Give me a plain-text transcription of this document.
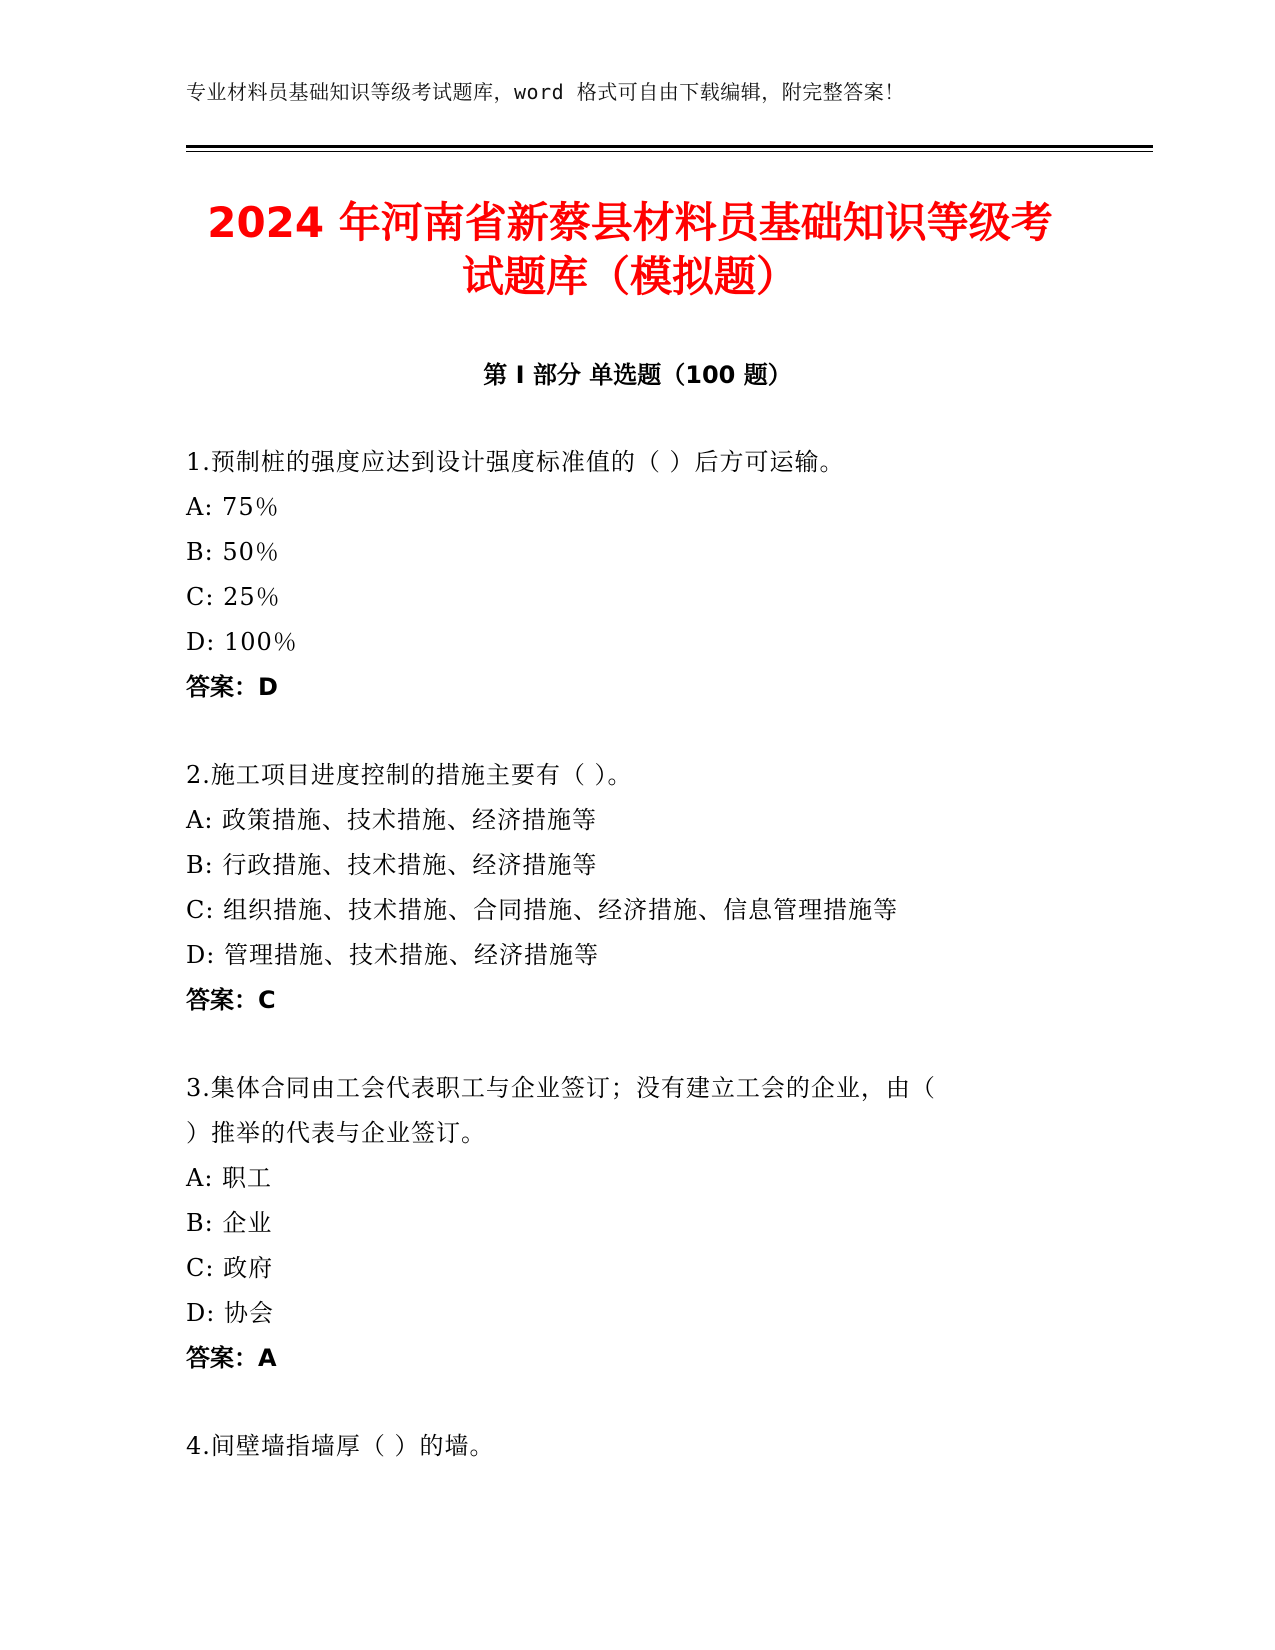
专业材料员基础知识等级考试题库，word 格式可自由下载编辑，附完整答案！
2024 年河南省新蔡县材料员基础知识等级考
试题库（模拟题）
第 I 部分 单选题（100 题）
1.预制桩的强度应达到设计强度标准值的（ ）后方可运输。
A: 75％
B: 50％
C: 25％
D: 100％
答案：D
2.施工项目进度控制的措施主要有（ ）。
A: 政策措施、技术措施、经济措施等
B: 行政措施、技术措施、经济措施等
C: 组织措施、技术措施、合同措施、经济措施、信息管理措施等
D: 管理措施、技术措施、经济措施等
答案：C
3.集体合同由工会代表职工与企业签订；没有建立工会的企业，由（
）推举的代表与企业签订。
A: 职工
B: 企业
C: 政府
D: 协会
答案：A
4.间壁墙指墙厚（ ）的墙。
